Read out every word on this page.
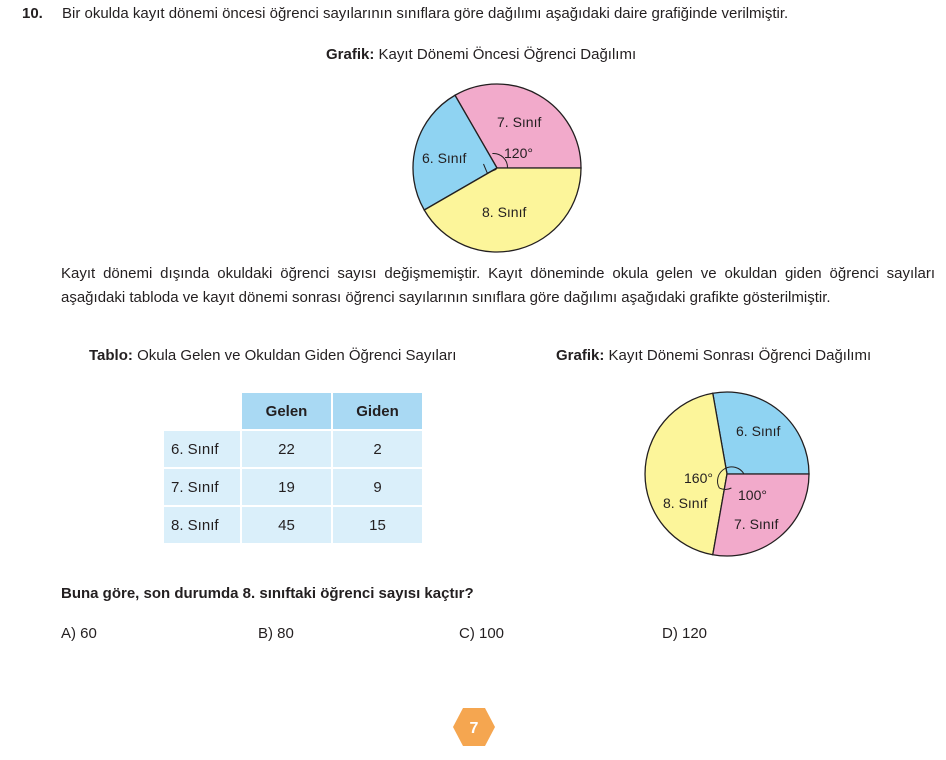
10. Bir okulda kayıt dönemi öncesi öğrenci sayılarının sınıflara göre dağılımı aşağıdaki daire grafiğinde verilmiştir.
Grafik: Kayıt Dönemi Öncesi Öğrenci Dağılımı
7. Sınıf
6. Sınıf	120°
8. Sınıf
Kayıt dönemi dışında okuldaki öğrenci sayısı değişmemiştir. Kayıt döneminde okula gelen ve okuldan giden öğrenci sayıları aşağıdaki tabloda ve kayıt dönemi sonrası öğrenci sayılarının sınıflara göre dağılımı aşağıdaki grafikte gösterilmiştir.
Tablo: Okula Gelen ve Okuldan Giden Öğrenci Sayıları
	Gelen	Giden
6. Sınıf	22	2
7. Sınıf	19	9
8. Sınıf	45	15
Grafik: Kayıt Dönemi Sonrası Öğrenci Dağılımı
6. Sınıf
160°
8. Sınıf 100°
7. Sınıf
Buna göre, son durumda 8. sınıftaki öğrenci sayısı kaçtır?
A) 60	B) 80	C) 100	D) 120
7
